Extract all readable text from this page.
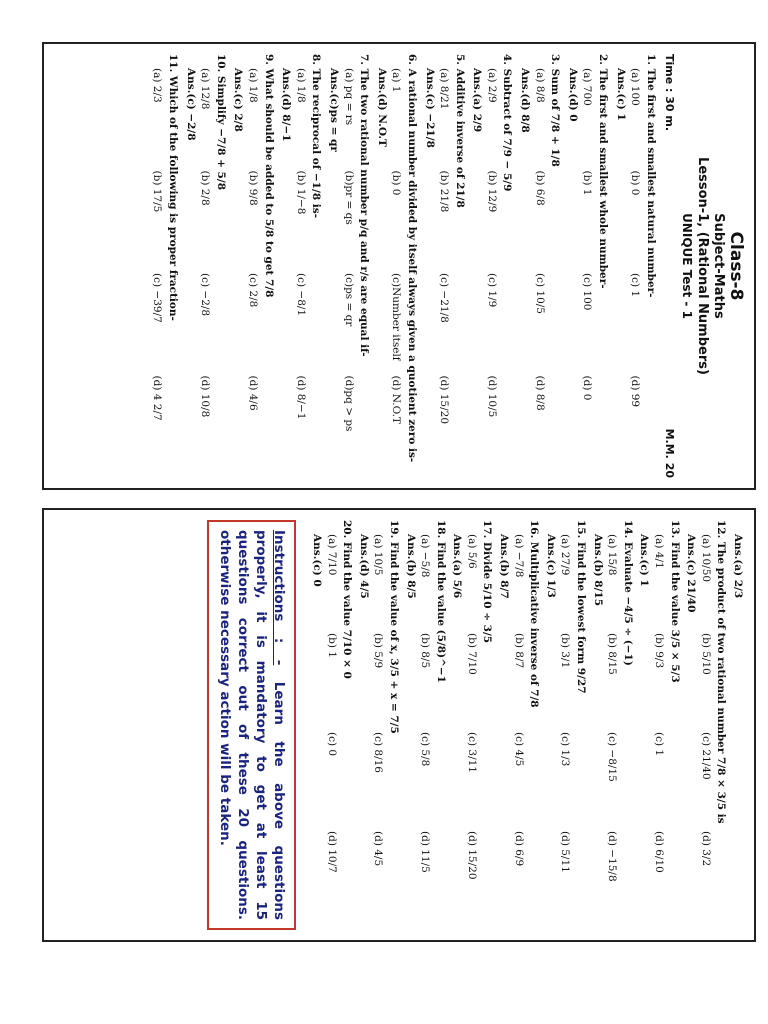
Class-8
Subject-Maths
Lesson-1, (Rational Numbers)
UNIQUE Test - 1
Time : 30 m.
M.M. 20
1. The first and smallest natural number-
(a) 100
(b) 0
(c) 1
(d) 99
Ans.(c) 1
2. The first and smallest whole number-
(a) 700
(b) 1
(c) 100
(d) 0
Ans.(d) 0
3. Sum of 7/8 + 1/8
(a) 8/8
(b) 6/8
(c) 10/5
(d) 8/8
Ans.(d) 8/8
4. Subtract of 7/9 − 5/9
(a) 2/9
(b) 12/9
(c) 1/9
(d) 10/5
Ans.(a) 2/9
5. Additive inverse of 21/8
(a) 8/21
(b) 21/8
(c) −21/8
(d) 15/20
Ans.(c) −21/8
6. A rational number divided by itself always given a quotient zero is-
(a) 1
(b) 0
(c)Number itself
(d) N.O.T
Ans.(d) N.O.T
7. The two rational number p/q and r/s are equal if-
(a) pq = rs
(b)pr = qs
(c)ps = qr
(d)pq > ps
Ans.(c)ps = qr
8. The reciprocal of −1/8 is-
(a) 1/8
(b) 1/−8
(c) −8/1
(d) 8/−1
Ans.(d) 8/−1
9. What should be added to 5/8 to get 7/8
(a) 1/8
(b) 9/8
(c) 2/8
(d) 4/6
Ans.(c) 2/8
10. Simplify −7/8 + 5/8
(a) 12/8
(b) 2/8
(c) −2/8
(d) 10/8
Ans.(c) −2/8
11. Which of the following is proper fraction-
(a) 2/3
(b) 17/5
(c) −39/7
(d) 4 2/7
Ans.(a) 2/3
12. The product of two rational number 7/8 × 3/5 is
(a) 10/50
(b) 5/10
(c) 21/40
(d) 3/2
Ans.(c) 21/40
13. Find the value 3/5 × 5/3
(a) 4/1
(b) 9/3
(c) 1
(d) 6/10
Ans.(c) 1
14. Evaluate −4/5 ÷ (−1)
(a) 15/8
(b) 8/15
(c) −8/15
(d) −15/8
Ans.(b) 8/15
15. Find the lowest form 9/27
(a) 27/9
(b) 3/1
(c) 1/3
(d) 5/11
Ans.(c) 1/3
16. Multiplicative inverse of 7/8
(a) −7/8
(b) 8/7
(c) 4/5
(d) 6/9
Ans.(b) 8/7
17. Divide 5/10 ÷ 3/5
(a) 5/6
(b) 7/10
(c) 3/11
(d) 15/20
Ans.(a) 5/6
18. Find the value (5/8)^−1
(a) −5/8
(b) 8/5
(c) 5/8
(d) 11/5
Ans.(b) 8/5
19. Find the value of x, 3/5 + x = 7/5
(a) 10/5
(b) 5/9
(c) 8/16
(d) 4/5
Ans.(d) 4/5
20. Find the value 7/10 × 0
(a) 7/10
(b) 1
(c) 0
(d) 10/7
Ans.(c) 0
Instructions : - Learn the above questions properly, it is mandatory to get at least 15 questions correct out of these 20 questions. otherwise necessary action will be taken.
